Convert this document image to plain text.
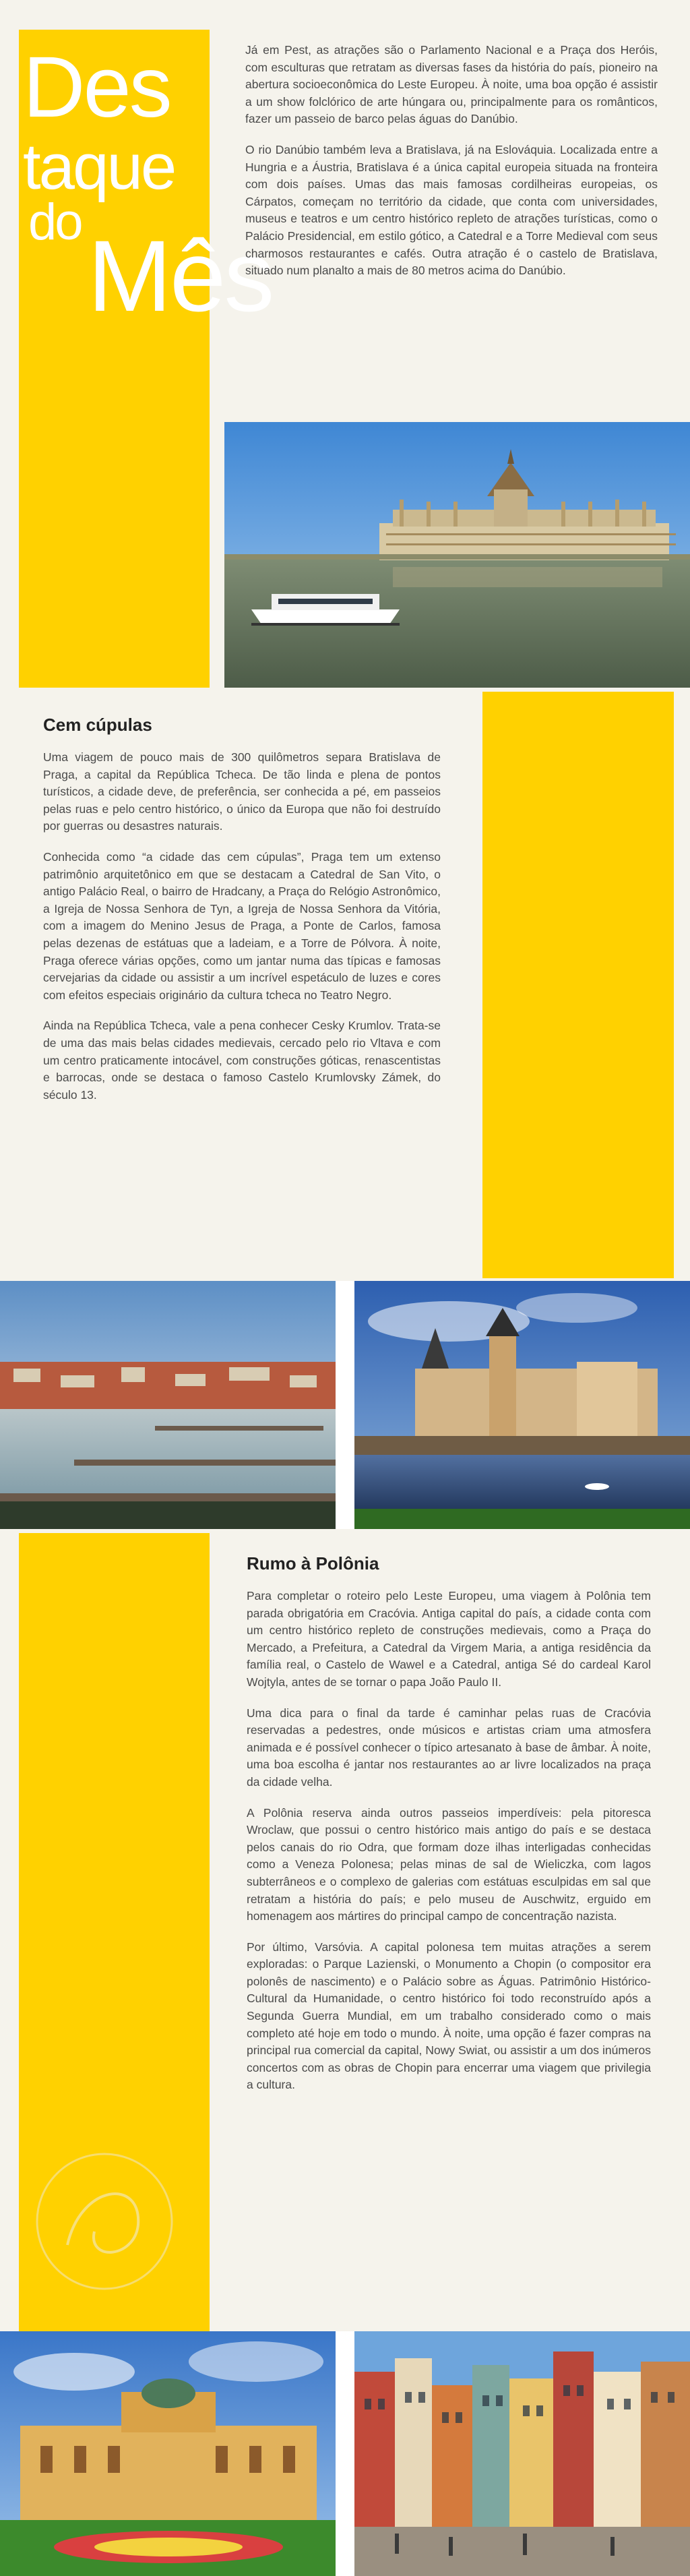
Des
taque
do Mês

Já em Pest, as atrações são o Parlamento Nacional e a Praça dos Heróis, com esculturas que retratam as diversas fases da história do país, pioneiro na abertura socioeconômica do Leste Europeu. À noite, uma boa opção é assistir a um show folclórico de arte húngara ou, principalmente para os românticos, fazer um passeio de barco pelas águas do Danúbio.

O rio Danúbio também leva a Bratislava, já na Eslováquia. Localizada entre a Hungria e a Áustria, Bratislava é a única capital europeia situada na fronteira com dois países. Umas das mais famosas cordilheiras europeias, os Cárpatos, começam no território da cidade, que conta com universidades, museus e teatros e um centro histórico repleto de atrações turísticas, como o Palácio Presidencial, em estilo gótico, a Catedral e a Torre Medieval com seus charmosos restaurantes e cafés. Outra atração é o castelo de Bratislava, situado num planalto a mais de 80 metros acima do Danúbio.

Cem cúpulas

Uma viagem de pouco mais de 300 quilômetros separa Bratislava de Praga, a capital da República Tcheca. De tão linda e plena de pontos turísticos, a cidade deve, de preferência, ser conhecida a pé, em passeios pelas ruas e pelo centro histórico, o único da Europa que não foi destruído por guerras ou desastres naturais.

Conhecida como “a cidade das cem cúpulas”, Praga tem um extenso patrimônio arquitetônico em que se destacam a Catedral de San Vito, o antigo Palácio Real, o bairro de Hradcany, a Praça do Relógio Astronômico, a Igreja de Nossa Senhora de Tyn, a Igreja de Nossa Senhora da Vitória, com a imagem do Menino Jesus de Praga, a Ponte de Carlos, famosa pelas dezenas de estátuas que a ladeiam, e a Torre de Pólvora. À noite, Praga oferece várias opções, como um jantar numa das típicas e famosas cervejarias da cidade ou assistir a um incrível espetáculo de luzes e cores com efeitos especiais originário da cultura tcheca no Teatro Negro.

Ainda na República Tcheca, vale a pena conhecer Cesky Krumlov. Trata-se de uma das mais belas cidades medievais, cercado pelo rio Vltava e com um centro praticamente intocável, com construções góticas, renascentistas e barrocas, onde se destaca o famoso Castelo Krumlovsky Zámek, do século 13.

Rumo à Polônia

Para completar o roteiro pelo Leste Europeu, uma viagem à Polônia tem parada obrigatória em Cracóvia. Antiga capital do país, a cidade conta com um centro histórico repleto de construções medievais, como a Praça do Mercado, a Prefeitura, a Catedral da Virgem Maria, a antiga residência da família real, o Castelo de Wawel e a Catedral, antiga Sé do cardeal Karol Wojtyla, antes de se tornar o papa João Paulo II.

Uma dica para o final da tarde é caminhar pelas ruas de Cracóvia reservadas a pedestres, onde músicos e artistas criam uma atmosfera animada e é possível conhecer o típico artesanato à base de âmbar. À noite, uma boa escolha é jantar nos restaurantes ao ar livre localizados na praça da cidade velha.

A Polônia reserva ainda outros passeios imperdíveis: pela pitoresca Wroclaw, que possui o centro histórico mais antigo do país e se destaca pelos canais do rio Odra, que formam doze ilhas interligadas conhecidas como a Veneza Polonesa; pelas minas de sal de Wieliczka, com lagos subterrâneos e o complexo de galerias com estátuas esculpidas em sal que retratam a história do país; e pelo museu de Auschwitz, erguido em homenagem aos mártires do principal campo de concentração nazista.

Por último, Varsóvia. A capital polonesa tem muitas atrações a serem exploradas: o Parque Lazienski, o Monumento a Chopin (o compositor era polonês de nascimento) e o Palácio sobre as Águas. Patrimônio Histórico-Cultural da Humanidade, o centro histórico foi todo reconstruído após a Segunda Guerra Mundial, em um trabalho considerado como o mais completo até hoje em todo o mundo. À noite, uma opção é fazer compras na principal rua comercial da capital, Nowy Swiat, ou assistir a um dos inúmeros concertos com as obras de Chopin para encerrar uma viagem que privilegia a cultura.
